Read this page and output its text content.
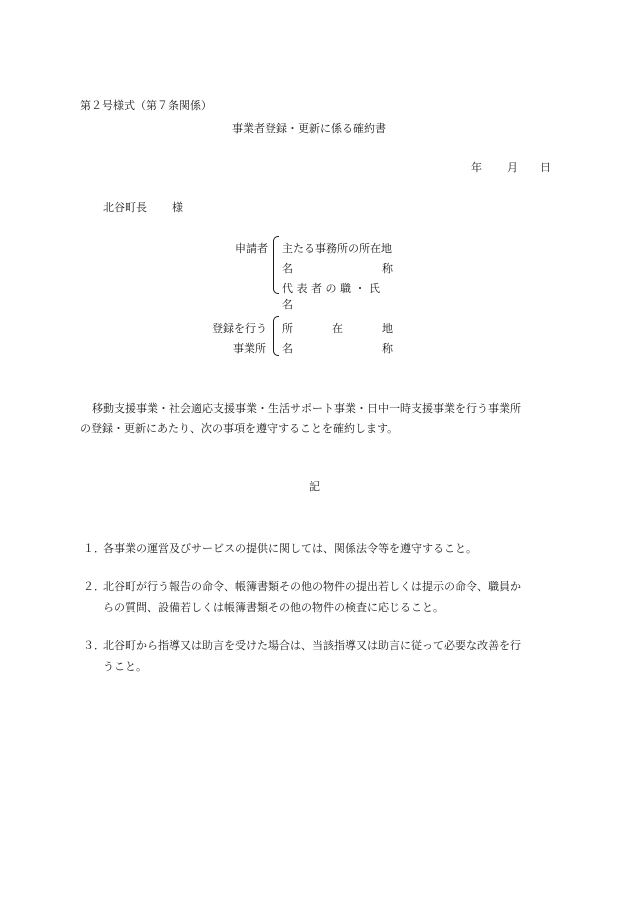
第２号様式（第７条関係）
事業者登録・更新に係る確約書
年 月 日
北谷町長 様
申請者 主たる事務所の所在地
名	称
代 表 者 の 職 ・ 氏 名
登録を行う
事業所
所	在	地
名	称
移動支援事業・社会適応支援事業・生活サポート事業・日中一時支援事業を行う事業所
の登録・更新にあたり、次の事項を遵守することを確約します。
記
１．
各事業の運営及びサービスの提供に関しては、関係法令等を遵守すること。
２．
北谷町が行う報告の命令、帳簿書類その他の物件の提出若しくは提示の命令、職員か
らの質問、設備若しくは帳簿書類その他の物件の検査に応じること。
３．
北谷町から指導又は助言を受けた場合は、当該指導又は助言に従って必要な改善を行
うこと。
